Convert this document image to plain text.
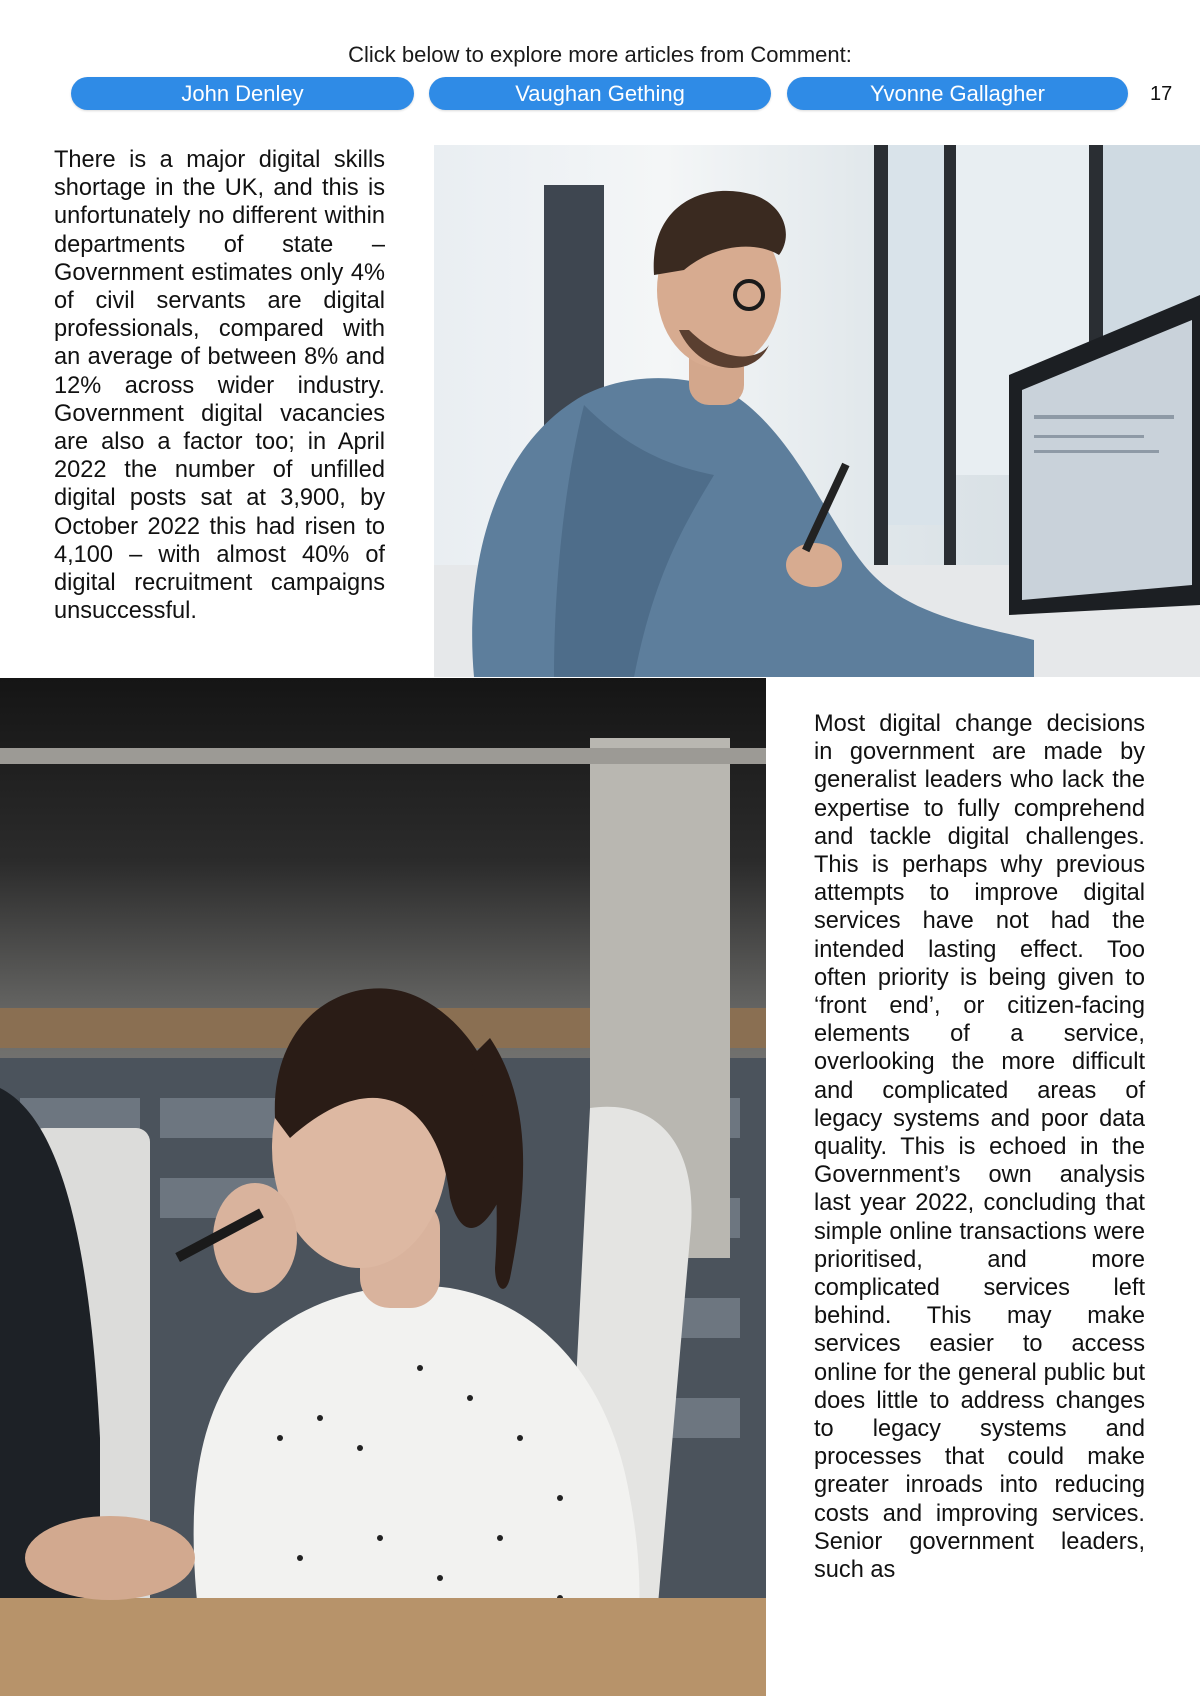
Click below to explore more articles from Comment:
John Denley	Vaughan Gething	Yvonne Gallagher	17

There is a major digital skills shortage in the UK, and this is unfortunately no different within departments of state –Government estimates only 4% of civil servants are digital professionals, compared with an average of between 8% and 12% across wider industry. Government digital vacancies are also a factor too; in April 2022 the number of unfilled digital posts sat at 3,900, by October 2022 this had risen to 4,100 – with almost 40% of digital recruitment campaigns unsuccessful.

Most digital change decisions in government are made by generalist leaders who lack the expertise to fully comprehend and tackle digital challenges. This is perhaps why previous attempts to improve digital services have not had the intended lasting effect. Too often priority is being given to ‘front end’, or citizen-facing elements of a service, overlooking the more difficult and complicated areas of legacy systems and poor data quality. This is echoed in the Government’s own analysis last year 2022, concluding that simple online transactions were prioritised, and more complicated services left behind. This may make services easier to access online for the general public but does little to address changes to legacy systems and processes that could make greater inroads into reducing costs and improving services. Senior government leaders, such as
